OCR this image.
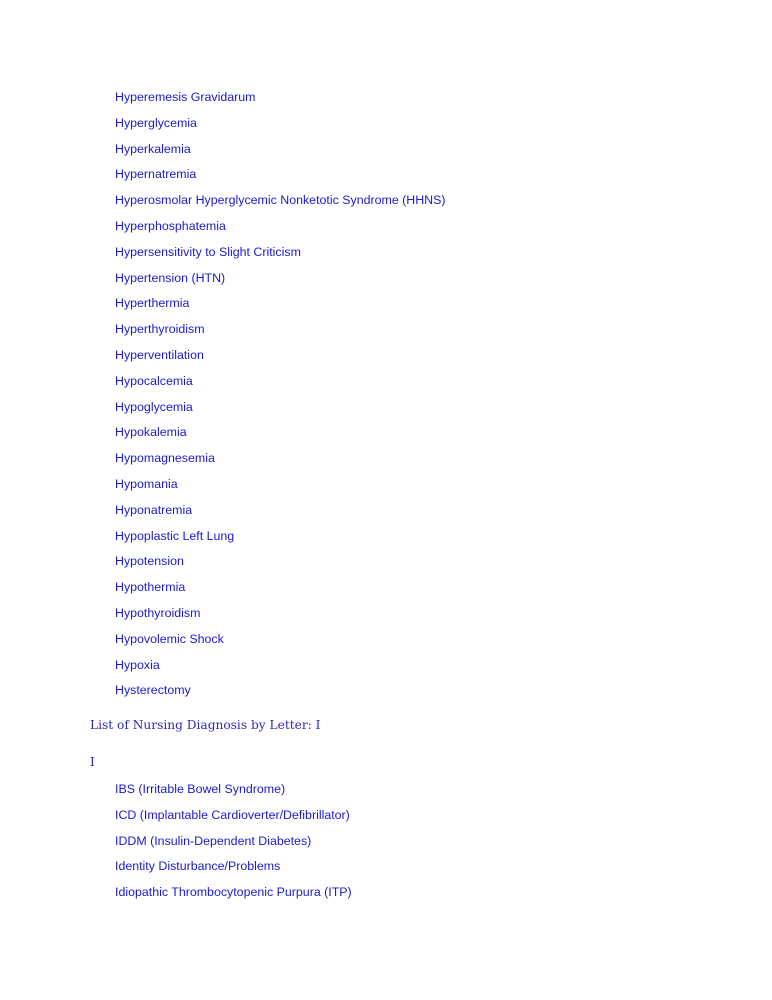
Hyperemesis Gravidarum
Hyperglycemia
Hyperkalemia
Hypernatremia
Hyperosmolar Hyperglycemic Nonketotic Syndrome (HHNS)
Hyperphosphatemia
Hypersensitivity to Slight Criticism
Hypertension (HTN)
Hyperthermia
Hyperthyroidism
Hyperventilation
Hypocalcemia
Hypoglycemia
Hypokalemia
Hypomagnesemia
Hypomania
Hyponatremia
Hypoplastic Left Lung
Hypotension
Hypothermia
Hypothyroidism
Hypovolemic Shock
Hypoxia
Hysterectomy
List of Nursing Diagnosis by Letter: I
I
IBS (Irritable Bowel Syndrome)
ICD (Implantable Cardioverter/Defibrillator)
IDDM (Insulin-Dependent Diabetes)
Identity Disturbance/Problems
Idiopathic Thrombocytopenic Purpura (ITP)
